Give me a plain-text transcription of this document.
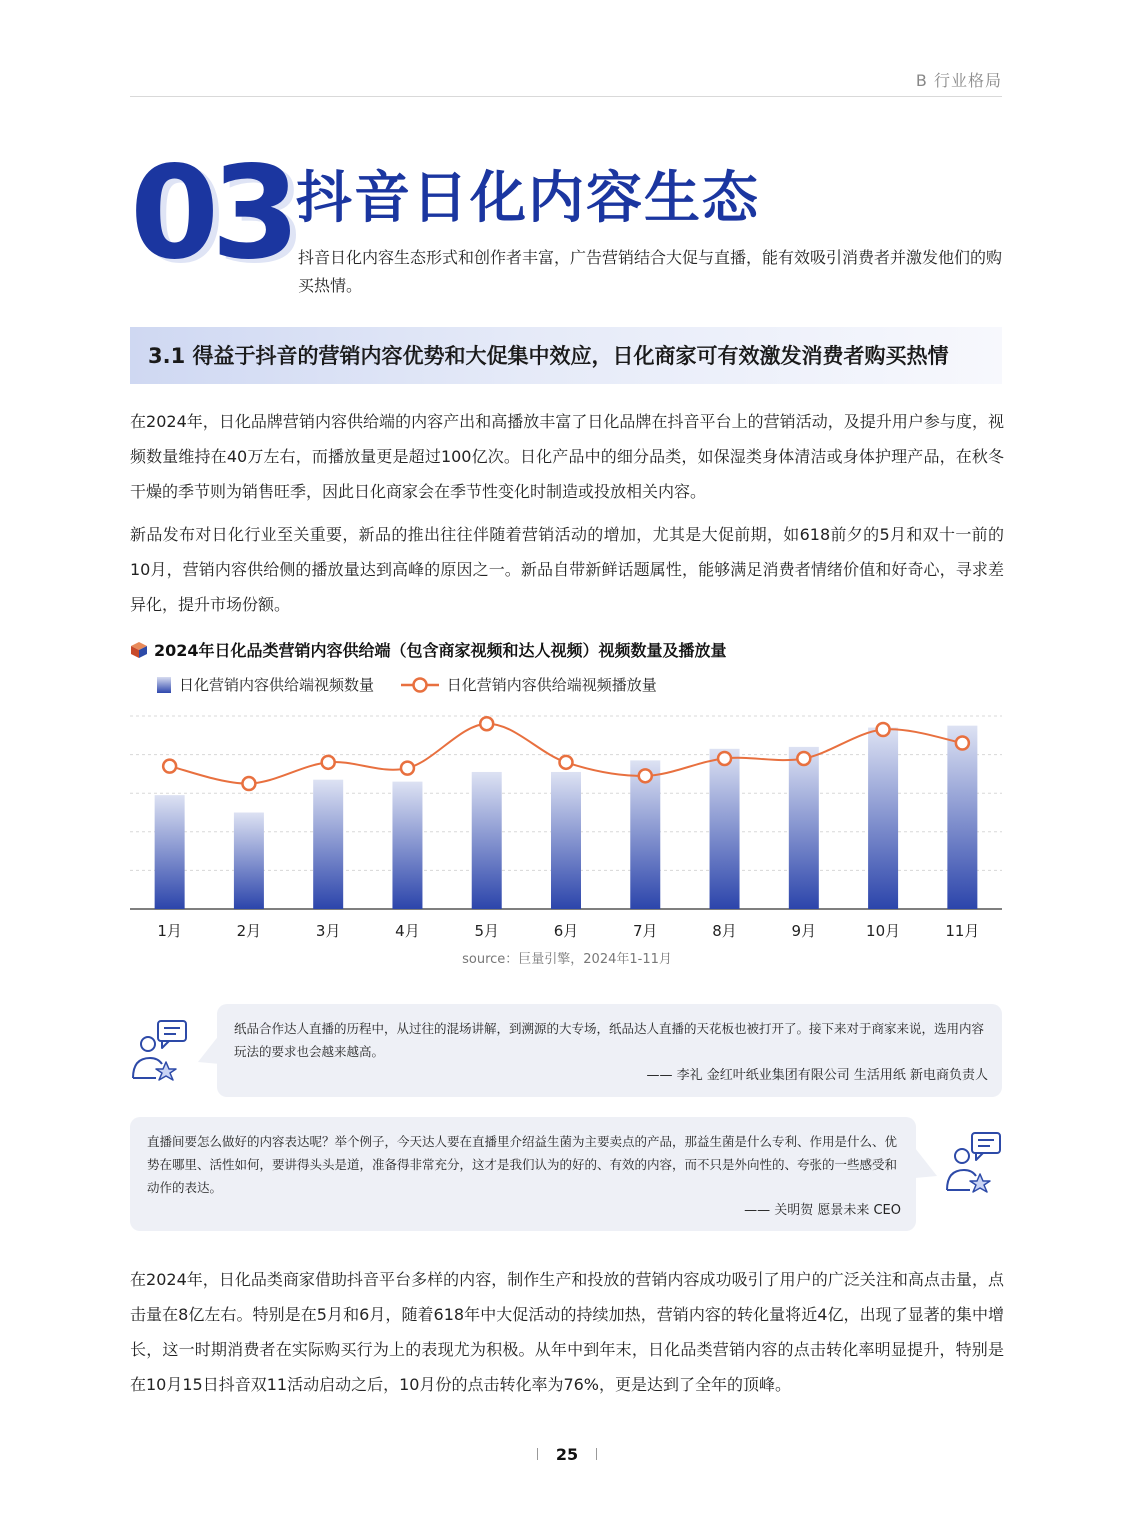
B 行业格局
03 抖音日化内容生态
抖音日化内容生态形式和创作者丰富，广告营销结合大促与直播，能有效吸引消费者并激发他们的购买热情。
3.1 得益于抖音的营销内容优势和大促集中效应，日化商家可有效激发消费者购买热情
在2024年，日化品牌营销内容供给端的内容产出和高播放丰富了日化品牌在抖音平台上的营销活动，及提升用户参与度，视频数量维持在40万左右，而播放量更是超过100亿次。日化产品中的细分品类，如保湿类身体清洁或身体护理产品，在秋冬干燥的季节则为销售旺季，因此日化商家会在季节性变化时制造或投放相关内容。
新品发布对日化行业至关重要，新品的推出往往伴随着营销活动的增加，尤其是大促前期，如618前夕的5月和双十一前的10月，营销内容供给侧的播放量达到高峰的原因之一。新品自带新鲜话题属性，能够满足消费者情绪价值和好奇心，寻求差异化，提升市场份额。
2024年日化品类营销内容供给端（包含商家视频和达人视频）视频数量及播放量
日化营销内容供给端视频数量	日化营销内容供给端视频播放量
1月	2月	3月	4月	5月	6月	7月	8月	9月	10月	11月
source：巨量引擎，2024年1-11月
纸品合作达人直播的历程中，从过往的混场讲解，到溯源的大专场，纸品达人直播的天花板也被打开了。接下来对于商家来说，选用内容玩法的要求也会越来越高。
—— 李礼 金红叶纸业集团有限公司 生活用纸 新电商负责人
直播间要怎么做好的内容表达呢？举个例子，今天达人要在直播里介绍益生菌为主要卖点的产品，那益生菌是什么专利、作用是什么、优势在哪里、活性如何，要讲得头头是道，准备得非常充分，这才是我们认为的好的、有效的内容，而不只是外向性的、夸张的一些感受和动作的表达。
—— 关明贺 愿景未来 CEO
在2024年，日化品类商家借助抖音平台多样的内容，制作生产和投放的营销内容成功吸引了用户的广泛关注和高点击量，点击量在8亿左右。特别是在5月和6月，随着618年中大促活动的持续加热，营销内容的转化量将近4亿，出现了显著的集中增长，这一时期消费者在实际购买行为上的表现尤为积极。从年中到年末，日化品类营销内容的点击转化率明显提升，特别是在10月15日抖音双11活动启动之后，10月份的点击转化率为76%，更是达到了全年的顶峰。
25
